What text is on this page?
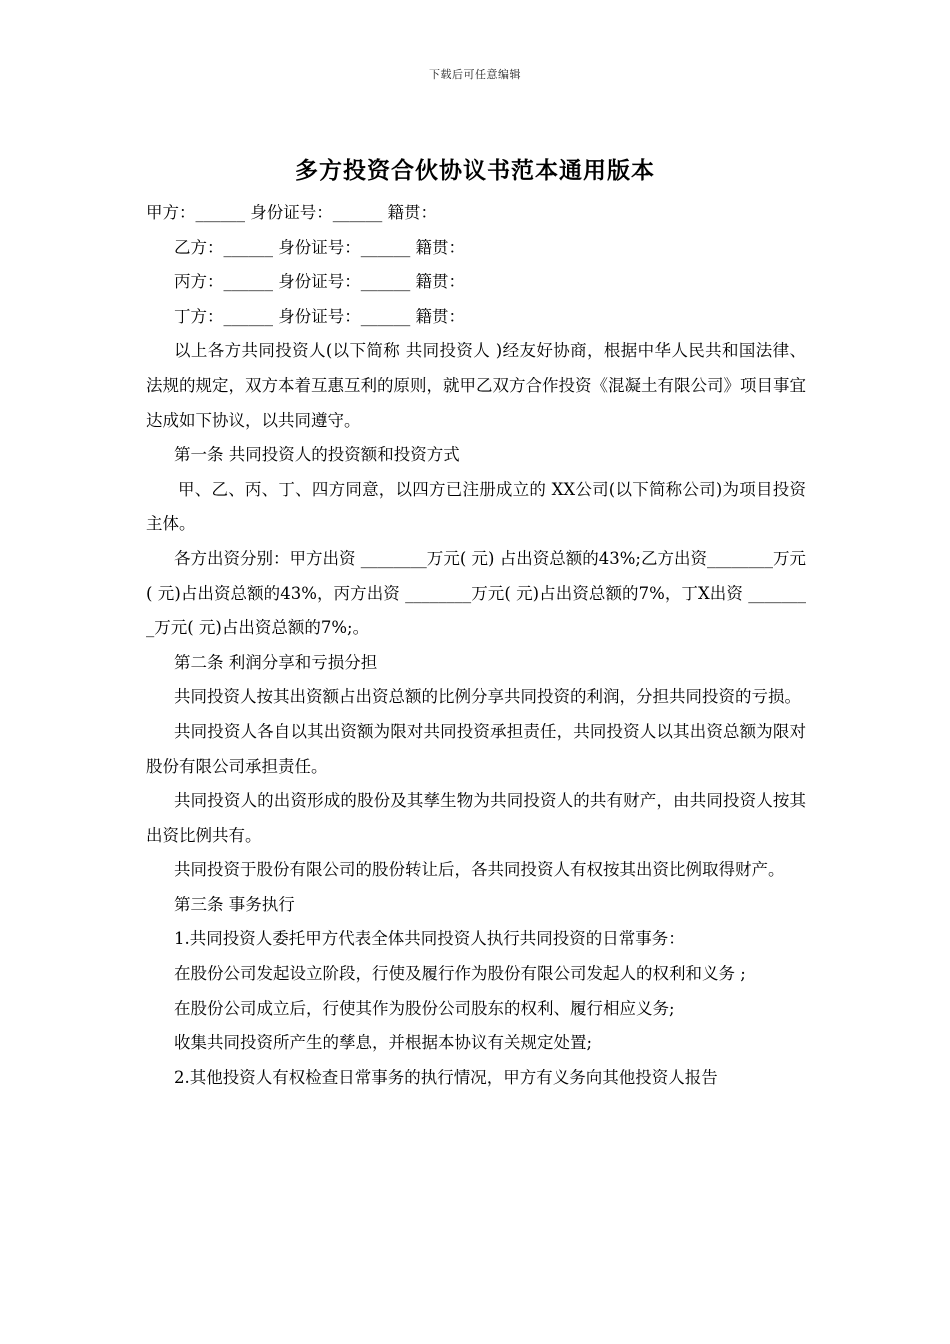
下载后可任意编辑
多方投资合伙协议书范本通用版本

甲方：______ 身份证号：______ 籍贯：

乙方：______ 身份证号：______ 籍贯：

丙方：______ 身份证号：______ 籍贯：

丁方：______ 身份证号：______ 籍贯：

以上各方共同投资人(以下简称 共同投资人 )经友好协商，根据中华人民共和国法律、法规的规定，双方本着互惠互利的原则，就甲乙双方合作投资《混凝土有限公司》项目事宜达成如下协议，以共同遵守。

第一条 共同投资人的投资额和投资方式

甲、乙、丙、丁、四方同意，以四方已注册成立的 XX公司(以下简称公司)为项目投资主体。

各方出资分别：甲方出资 ________万元( 元) 占出资总额的43%;乙方出资________万元( 元)占出资总额的43%，丙方出资 ________万元( 元)占出资总额的7%，丁X出资 ________万元( 元)占出资总额的7%;。

第二条 利润分享和亏损分担

共同投资人按其出资额占出资总额的比例分享共同投资的利润，分担共同投资的亏损。

共同投资人各自以其出资额为限对共同投资承担责任，共同投资人以其出资总额为限对股份有限公司承担责任。

共同投资人的出资形成的股份及其孳生物为共同投资人的共有财产，由共同投资人按其出资比例共有。

共同投资于股份有限公司的股份转让后，各共同投资人有权按其出资比例取得财产。

第三条 事务执行

1.共同投资人委托甲方代表全体共同投资人执行共同投资的日常事务：

在股份公司发起设立阶段，行使及履行作为股份有限公司发起人的权利和义务 ;

在股份公司成立后，行使其作为股份公司股东的权利、履行相应义务;

收集共同投资所产生的孳息，并根据本协议有关规定处置;

2.其他投资人有权检查日常事务的执行情况，甲方有义务向其他投资人报告
